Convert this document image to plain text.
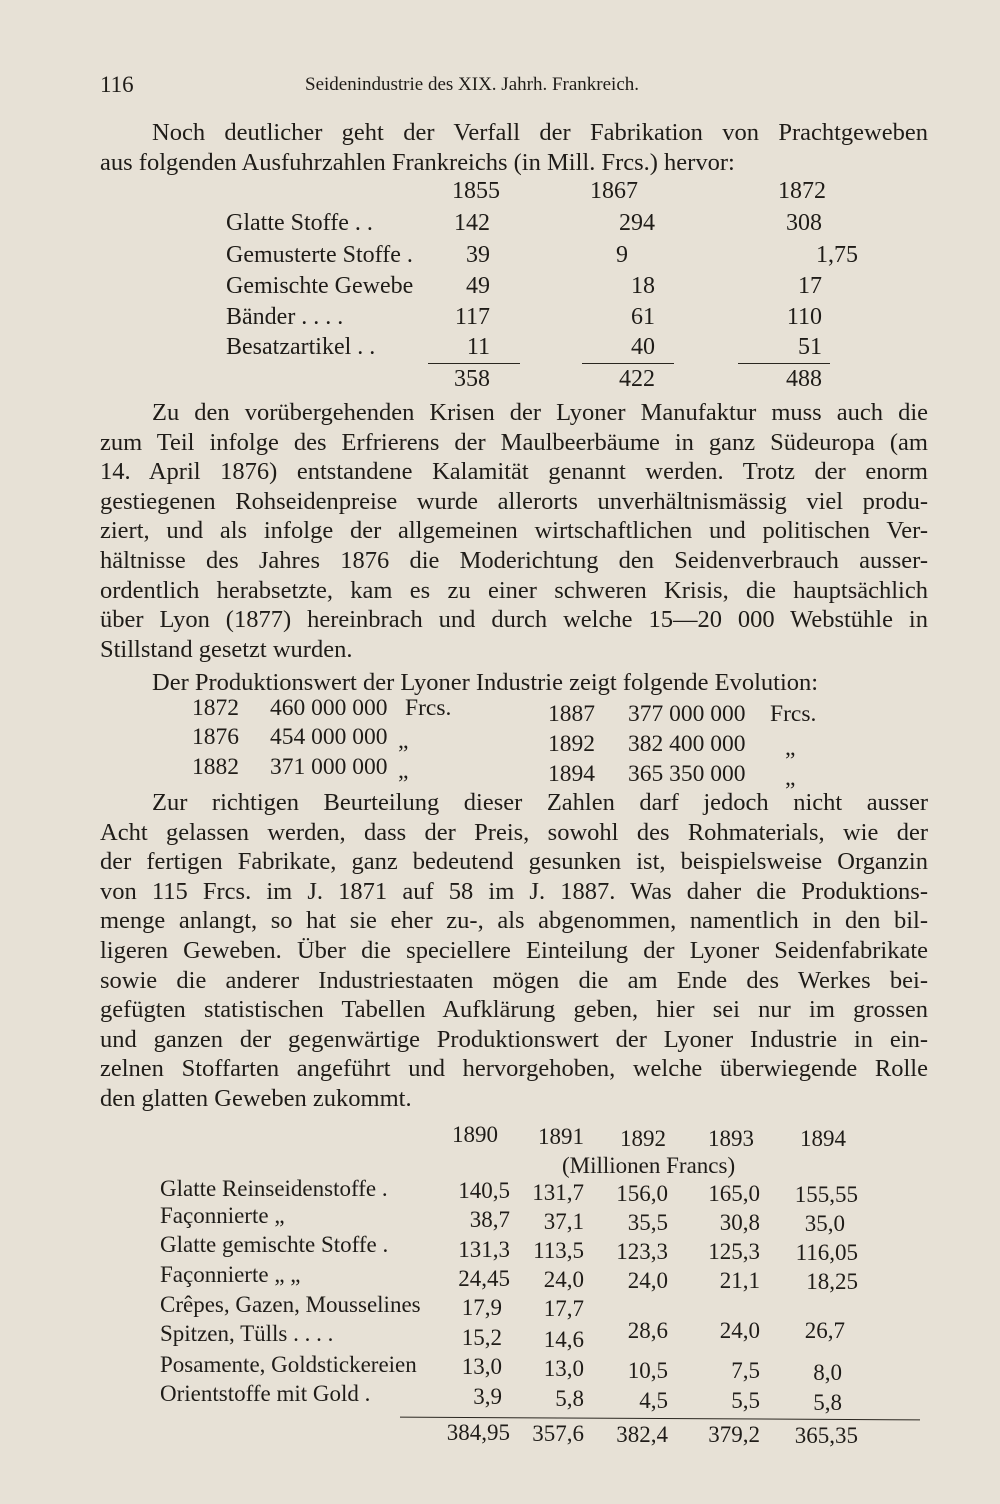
116	Seidenindustrie des XIX. Jahrh. Frankreich.
Noch deutlicher geht der Verfall der Fabrikation von Prachtgeweben
aus folgenden Ausfuhrzahlen Frankreichs (in Mill. Frcs.) hervor:
1855	1867	1872
Glatte Stoffe . .	142	294	308
Gemusterte Stoffe .	39	9	1,75
Gemischte Gewebe	49	18	17
Bänder . . . .	117	61	110
Besatzartikel . .	11	40	51
358	422	488
Zu den vorübergehenden Krisen der Lyoner Manufaktur muss auch die
zum Teil infolge des Erfrierens der Maulbeerbäume in ganz Südeuropa (am
14. April 1876) entstandene Kalamität genannt werden. Trotz der enorm
gestiegenen Rohseidenpreise wurde allerorts unverhältnismässig viel produ-
ziert, und als infolge der allgemeinen wirtschaftlichen und politischen Ver-
hältnisse des Jahres 1876 die Moderichtung den Seidenverbrauch ausser-
ordentlich herabsetzte, kam es zu einer schweren Krisis, die hauptsächlich
über Lyon (1877) hereinbrach und durch welche 15—20 000 Webstühle in
Stillstand gesetzt wurden.
Der Produktionswert der Lyoner Industrie zeigt folgende Evolution:
1872 460 000 000 Frcs.	1887 377 000 000 Frcs.
1876 454 000 000 „	1892 382 400 000 „
1882 371 000 000 „	1894 365 350 000 „
Zur richtigen Beurteilung dieser Zahlen darf jedoch nicht ausser
Acht gelassen werden, dass der Preis, sowohl des Rohmaterials, wie der
der fertigen Fabrikate, ganz bedeutend gesunken ist, beispielsweise Organzin
von 115 Frcs. im J. 1871 auf 58 im J. 1887. Was daher die Produktions-
menge anlangt, so hat sie eher zu-, als abgenommen, namentlich in den bil-
ligeren Geweben. Über die speciellere Einteilung der Lyoner Seidenfabrikate
sowie die anderer Industriestaaten mögen die am Ende des Werkes bei-
gefügten statistischen Tabellen Aufklärung geben, hier sei nur im grossen
und ganzen der gegenwärtige Produktionswert der Lyoner Industrie in ein-
zelnen Stoffarten angeführt und hervorgehoben, welche überwiegende Rolle
den glatten Geweben zukommt.
1890 1891 1892 1893 1894
(Millionen Francs)
Glatte Reinseidenstoffe .	140,5 131,7	156,0	165,0	155,55
Façonnierte „	38,7	37,1	35,5	30,8	35,0
Glatte gemischte Stoffe .	131,3	113,5	123,3	125,3	116,05
Façonnierte „ „	24,45	24,0	24,0	21,1	18,25
Crêpes, Gazen, Mousselines	17,9	17,7
Spitzen, Tülls . . . .	15,2	14,6	28,6	24,0	26,7
Posamente, Goldstickereien	13,0	13,0	10,5	7,5	8,0
Orientstoffe mit Gold .	3,9	5,8	4,5	5,5	5,8
384,95 357,6	382,4	379,2	365,35
